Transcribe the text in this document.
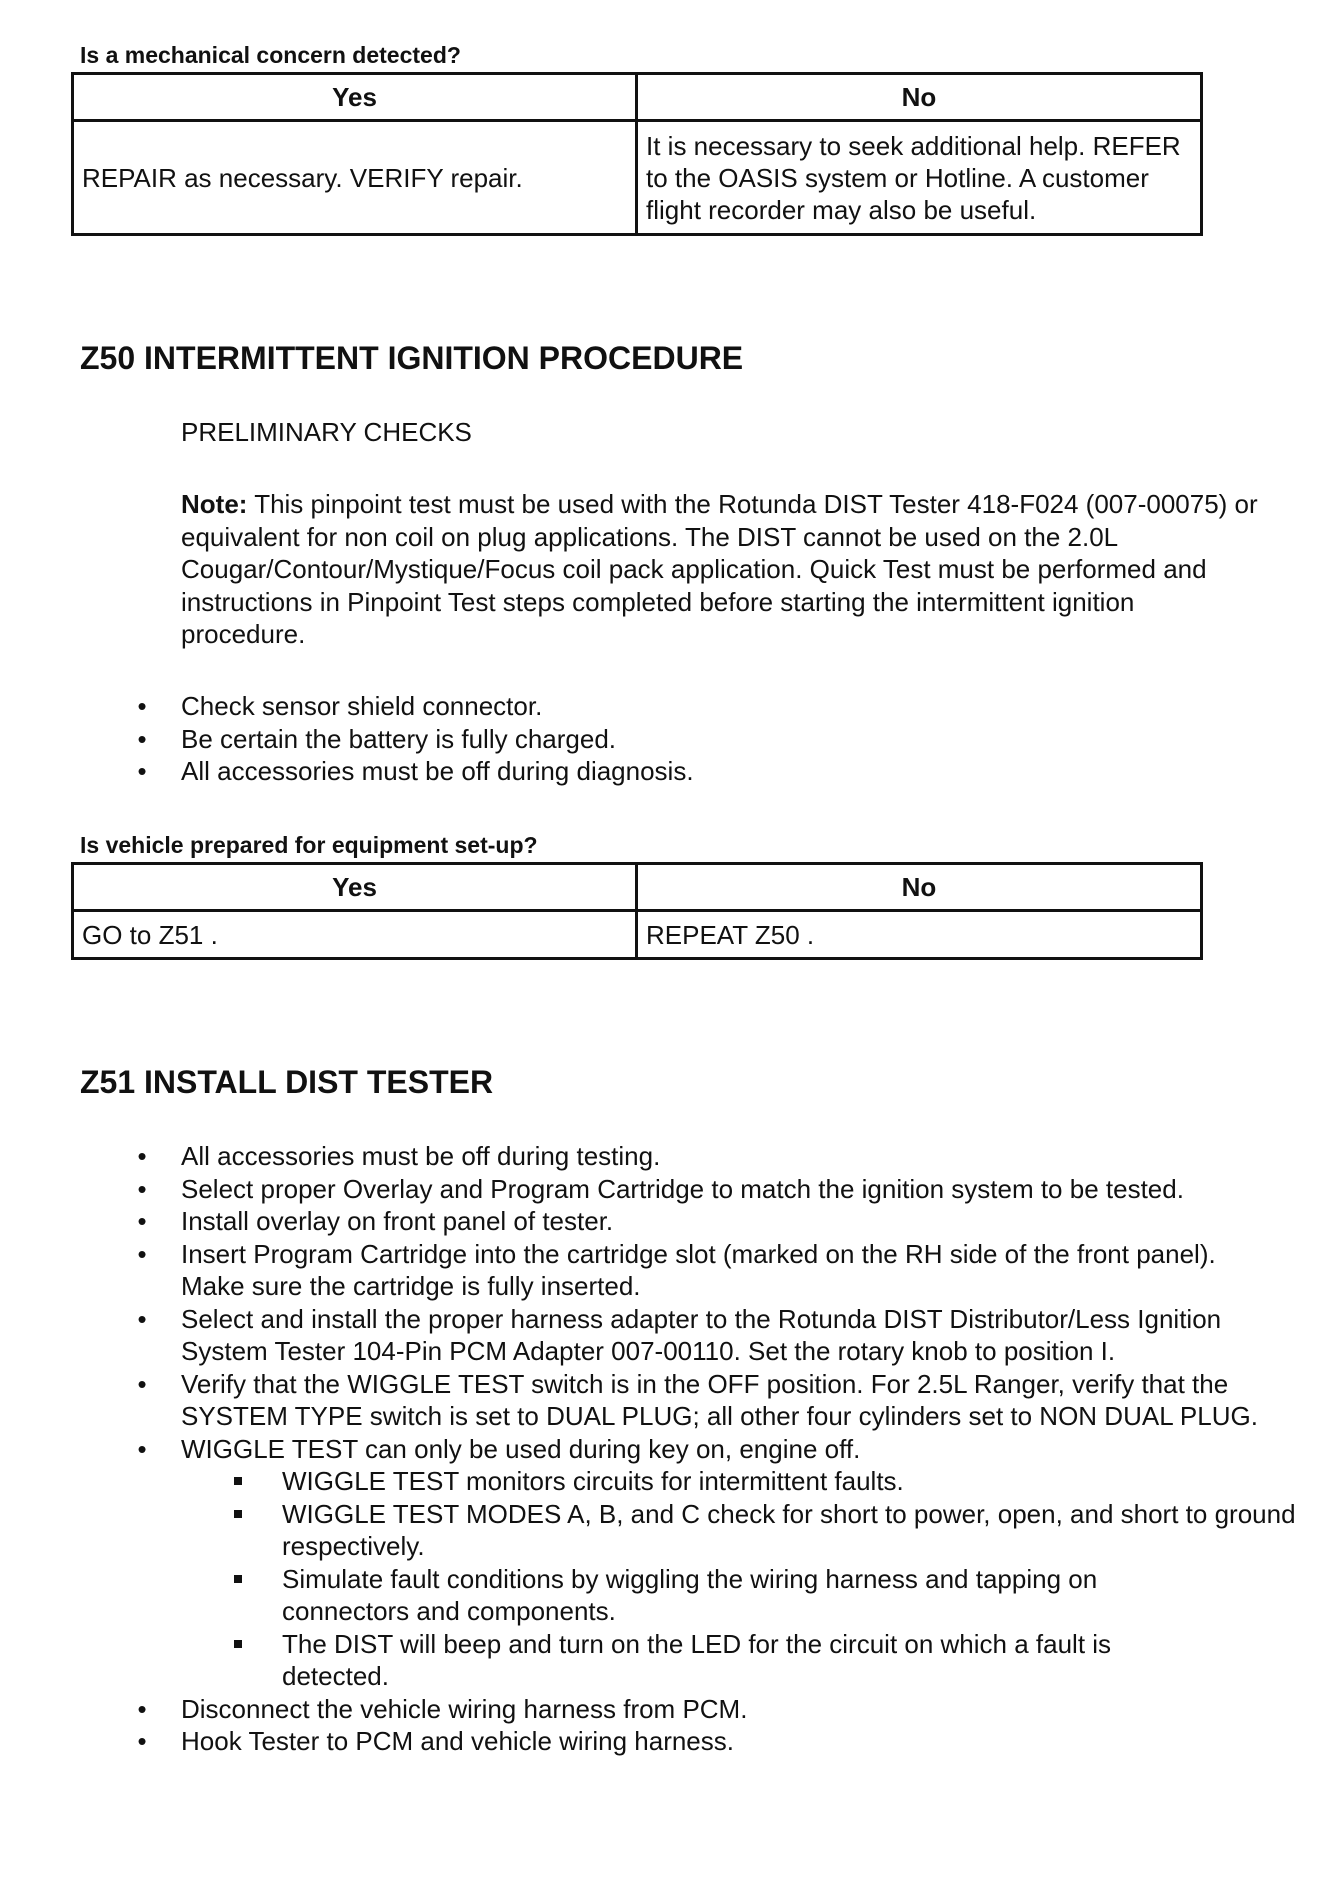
Is a mechanical concern detected?
Yes	No
REPAIR as necessary. VERIFY repair.	It is necessary to seek additional help. REFER to the OASIS system or Hotline. A customer flight recorder may also be useful.
Z50 INTERMITTENT IGNITION PROCEDURE

PRELIMINARY CHECKS

Note: This pinpoint test must be used with the Rotunda DIST Tester 418-F024 (007-00075) or equivalent for non coil on plug applications. The DIST cannot be used on the 2.0L Cougar/Contour/Mystique/Focus coil pack application. Quick Test must be performed and instructions in Pinpoint Test steps completed before starting the intermittent ignition procedure.

• Check sensor shield connector.
• Be certain the battery is fully charged.
• All accessories must be off during diagnosis.
Is vehicle prepared for equipment set-up?
Yes	No
GO to Z51 .	REPEAT Z50 .
Z51 INSTALL DIST TESTER
• All accessories must be off during testing.
• Select proper Overlay and Program Cartridge to match the ignition system to be tested.
• Install overlay on front panel of tester.
• Insert Program Cartridge into the cartridge slot (marked on the RH side of the front panel). Make sure the cartridge is fully inserted.
• Select and install the proper harness adapter to the Rotunda DIST Distributor/Less Ignition System Tester 104-Pin PCM Adapter 007-00110. Set the rotary knob to position I.
• Verify that the WIGGLE TEST switch is in the OFF position. For 2.5L Ranger, verify that the SYSTEM TYPE switch is set to DUAL PLUG; all other four cylinders set to NON DUAL PLUG.
• WIGGLE TEST can only be used during key on, engine off.
WIGGLE TEST monitors circuits for intermittent faults.
WIGGLE TEST MODES A, B, and C check for short to power, open, and short to ground respectively.
Simulate fault conditions by wiggling the wiring harness and tapping on connectors and components.
The DIST will beep and turn on the LED for the circuit on which a fault is detected.
• Disconnect the vehicle wiring harness from PCM.
• Hook Tester to PCM and vehicle wiring harness.
